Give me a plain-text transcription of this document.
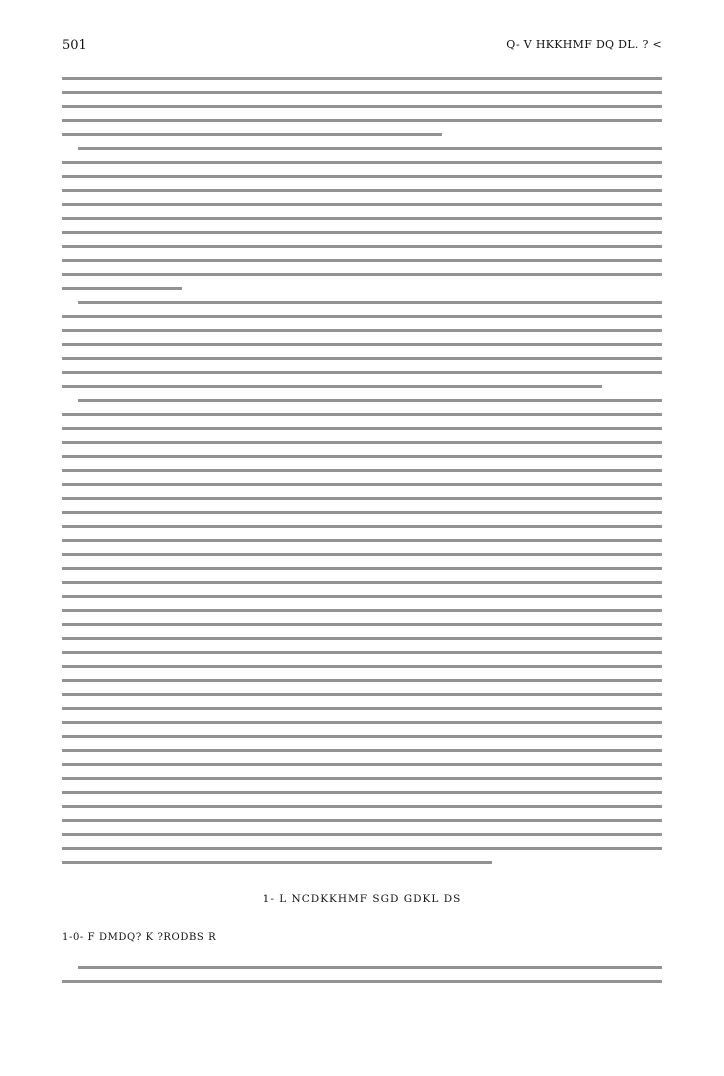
501	Q- V HKKHMF DQ DL. ? <
1- L NCDKKHMF SGD GDKL DS
1-0- F DMDQ? K ?RODBS R
